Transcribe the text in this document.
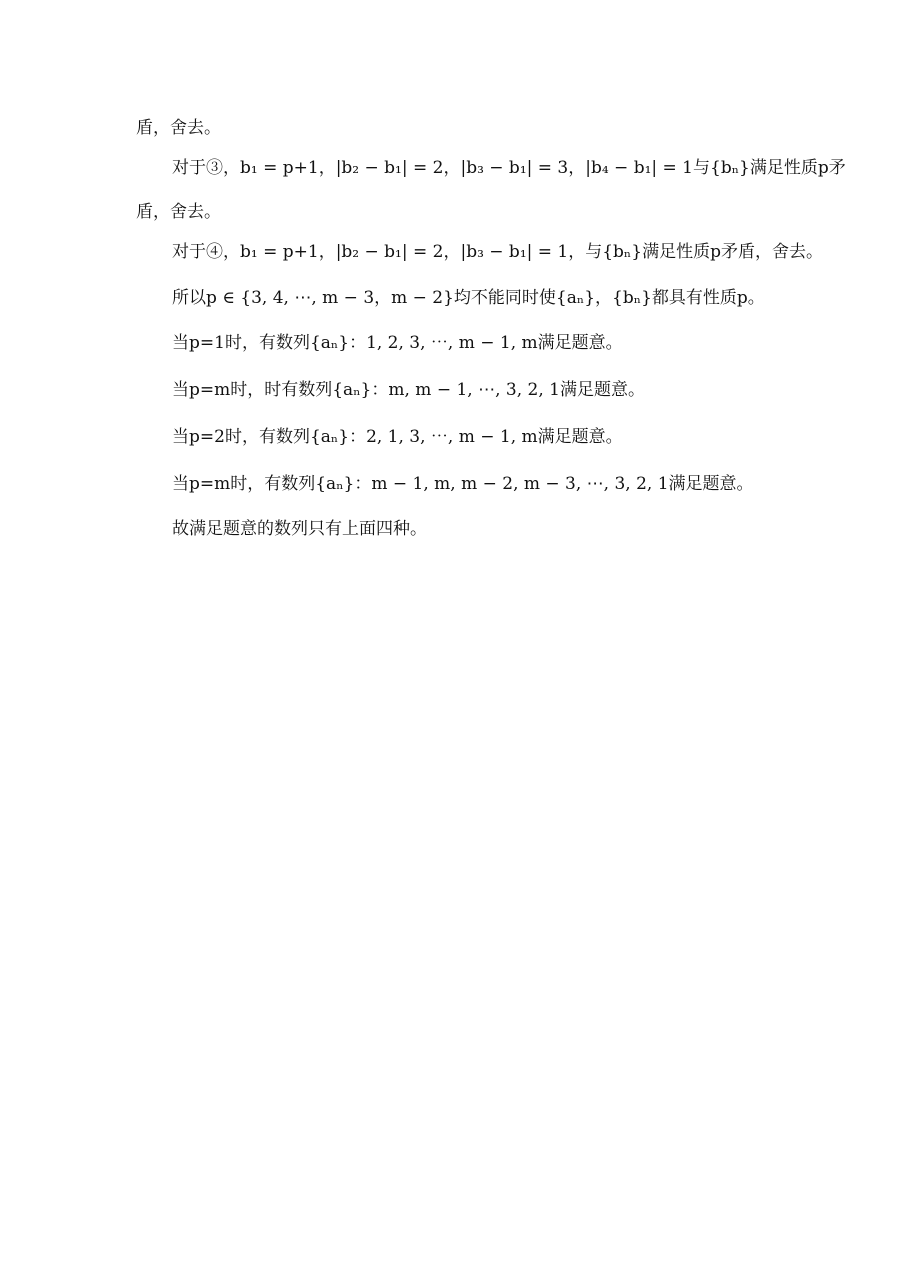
盾，舍去。
对于③，b₁ = p+1，|b₂ − b₁| = 2，|b₃ − b₁| = 3，|b₄ − b₁| = 1与{bₙ}满足性质p矛
盾，舍去。
对于④，b₁ = p+1，|b₂ − b₁| = 2，|b₃ − b₁| = 1，与{bₙ}满足性质p矛盾，舍去。
所以p ∈ {3, 4, ⋯, m − 3，m − 2}均不能同时使{aₙ}，{bₙ}都具有性质p。
当p=1时，有数列{aₙ}：1, 2, 3, ⋯, m − 1, m满足题意。
当p=m时，时有数列{aₙ}：m, m − 1, ⋯, 3, 2, 1满足题意。
当p=2时，有数列{aₙ}：2, 1, 3, ⋯, m − 1, m满足题意。
当p=m时，有数列{aₙ}：m − 1, m, m − 2, m − 3, ⋯, 3, 2, 1满足题意。
故满足题意的数列只有上面四种。
